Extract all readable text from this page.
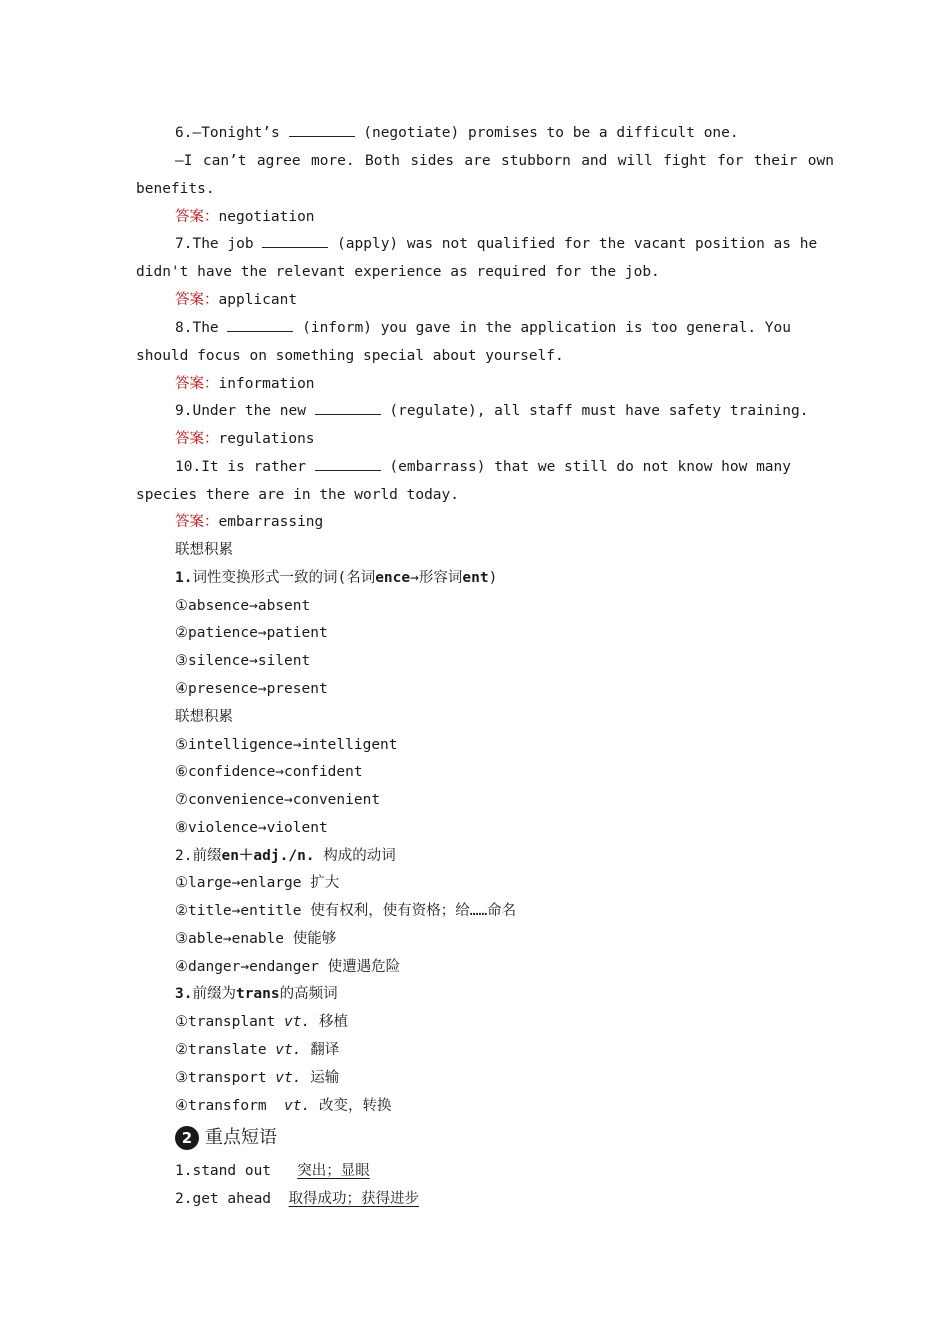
6.—Tonight’s	(negotiate) promises to be a difficult one.
—I can’t agree more. Both sides are stubborn and will fight for their own
benefits.
答案：negotiation
7.The job	(apply) was not qualified for the vacant position as he
didn't have the relevant experience as required for the job.
答案：applicant
8.The	(inform) you gave in the application is too general. You
should focus on something special about yourself.
答案：information
9.Under the new	(regulate), all staff must have safety training.
答案：regulations
10.It is rather	(embarrass) that we still do not know how many
species there are in the world today.
答案：embarrassing
联想积累
1.词性变换形式一致的词(名词ence→形容词ent)
①absence→absent
②patience→patient
③silence→silent
④presence→present
联想积累
⑤intelligence→intelligent
⑥confidence→confident
⑦convenience→convenient
⑧violence→violent
2.前缀en＋adj./n. 构成的动词
①large→enlarge 扩大
②title→entitle 使有权利，使有资格；给……命名
③able→enable 使能够
④danger→endanger 使遭遇危险
3.前缀为trans的高频词
①transplant vt. 移植
②translate vt. 翻译
③transport vt. 运输
④transform  vt. 改变，转换
2 重点短语
1.stand out   突出；显眼
2.get ahead  取得成功；获得进步
